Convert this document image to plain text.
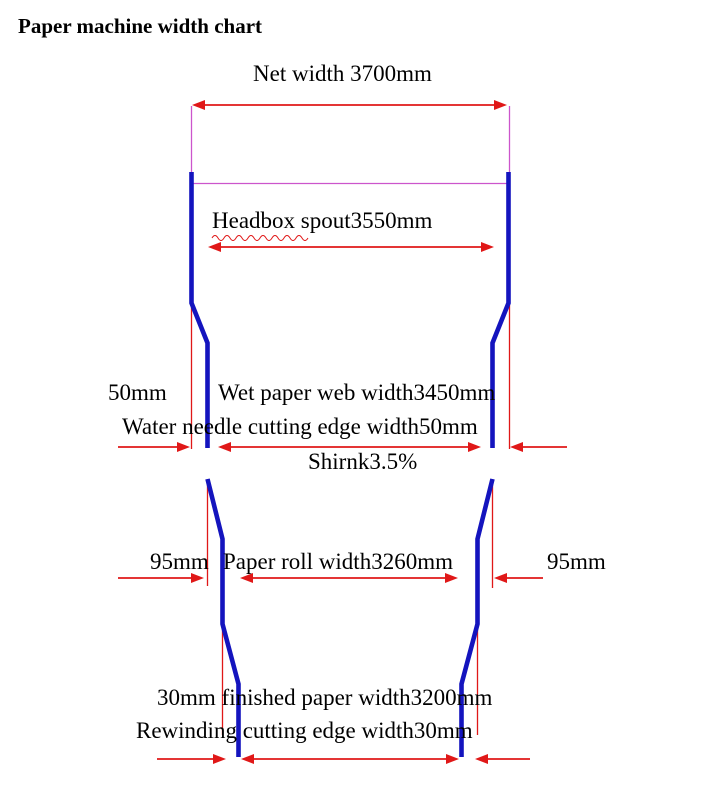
Paper machine width chart
Net width 3700mm
Headbox spout3550mm
50mm Wet paper web width3450mm
Water needle cutting edge width50mm
Shirnk3.5%
95mm Paper roll width3260mm	95mm
30mm finished paper width3200mm
Rewinding cutting edge width30mm
